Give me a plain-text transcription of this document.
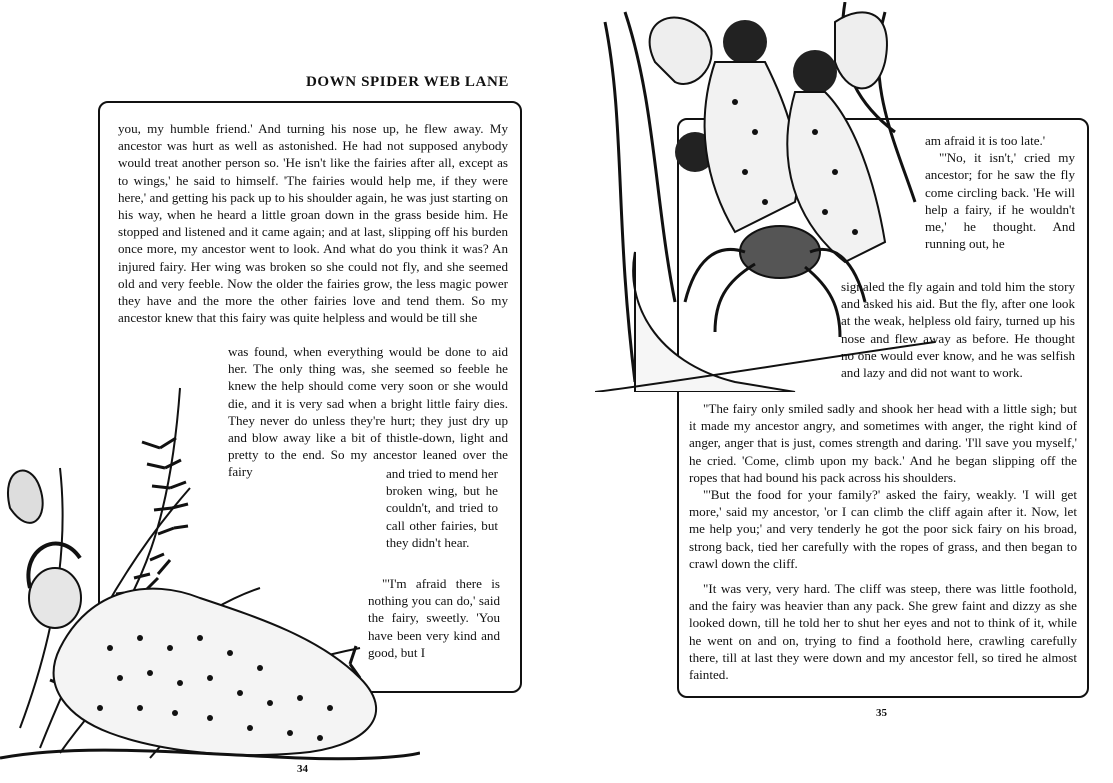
DOWN SPIDER WEB LANE

you, my humble friend.' And turning his nose up, he flew away. My ancestor was hurt as well as astonished. He had not supposed anybody would treat another person so. 'He isn't like the fairies after all, except as to wings,' he said to himself. 'The fairies would help me, if they were here,' and getting his pack up to his shoulder again, he was just starting on his way, when he heard a little groan down in the grass beside him. He stopped and listened and it came again; and at last, slipping off his burden once more, my ancestor went to look. And what do you think it was? An injured fairy. Her wing was broken so she could not fly, and she seemed old and very feeble. Now the older the fairies grow, the less magic power they have and the more the other fairies love and tend them. So my ancestor knew that this fairy was quite helpless and would be till she

was found, when everything would be done to aid her. The only thing was, she seemed so feeble he knew the help should come very soon or she would die, and it is very sad when a bright little fairy dies. They never do unless they're hurt; they just dry up and blow away like a bit of thistle-down, light and pretty to the end. So my ancestor leaned over the fairy	and tried to mend her broken wing, but he couldn't, and tried to call other fairies, but they didn't hear.

"'I'm afraid there is nothing you can do,' said the fairy, sweetly. 'You have been very kind and good, but I

34

am afraid it is too late.'

"'No, it isn't,' cried my ancestor; for he saw the fly come circling back. 'He will help a fairy, if he wouldn't me,' he thought. And running out, he

signaled the fly again and told him the story and asked his aid. But the fly, after one look at the weak, helpless old fairy, turned up his nose and flew away as before. He thought no one would ever know, and he was selfish and lazy and did not want to work.

"The fairy only smiled sadly and shook her head with a little sigh; but it made my ancestor angry, and sometimes with anger, the right kind of anger, anger that is just, comes strength and daring. 'I'll save you myself,' he cried. 'Come, climb upon my back.' And he began slipping off the ropes that had bound his pack across his shoulders.

"'But the food for your family?' asked the fairy, weakly. 'I will get more,' said my ancestor, 'or I can climb the cliff again after it. Now, let me help you;' and very tenderly he got the poor sick fairy on his broad, strong back, tied her carefully with the ropes of grass, and then began to crawl down the cliff.

"It was very, very hard. The cliff was steep, there was little foothold, and the fairy was heavier than any pack. She grew faint and dizzy as she looked down, till he told her to shut her eyes and not to think of it, while he went on and on, trying to find a foothold here, crawling carefully there, till at last they were down and my ancestor fell, so tired he almost fainted.

35
